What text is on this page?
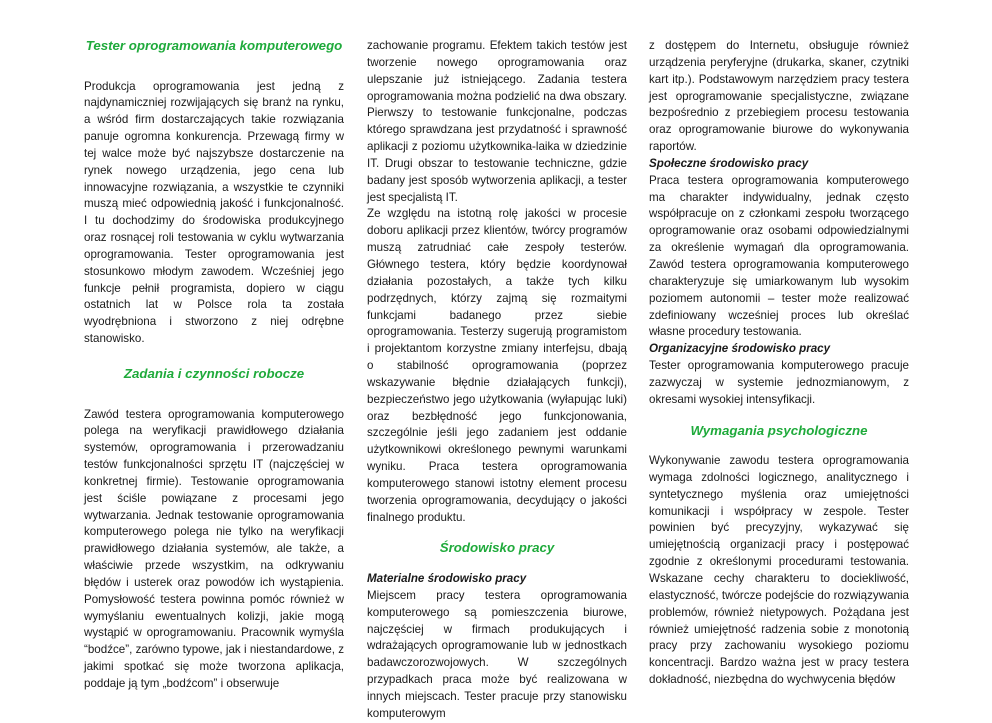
Tester oprogramowania komputerowego

Produkcja oprogramowania jest jedną z najdynamiczniej rozwijających się branż na rynku, a wśród firm dostarczających takie rozwiązania panuje ogromna konkurencja. Przewagą firmy w tej walce może być najszybsze dostarczenie na rynek nowego urządzenia, jego cena lub innowacyjne rozwiązania, a wszystkie te czynniki muszą mieć odpowiednią jakość i funkcjonalność. I tu dochodzimy do środowiska produkcyjnego oraz rosnącej roli testowania w cyklu wytwarzania oprogramowania. Tester oprogramowania jest stosunkowo młodym zawodem. Wcześniej jego funkcje pełnił programista, dopiero w ciągu ostatnich lat w Polsce rola ta została wyodrębniona i stworzono z niej odrębne stanowisko.

Zadania i czynności robocze

Zawód testera oprogramowania komputerowego polega na weryfikacji prawidłowego działania systemów, oprogramowania i przerowadzaniu testów funkcjonalności sprzętu IT (najczęściej w konkretnej firmie). Testowanie oprogramowania jest ściśle powiązane z procesami jego wytwarzania. Jednak testowanie oprogramowania komputerowego polega nie tylko na weryfikacji prawidłowego działania systemów, ale także, a właściwie przede wszystkim, na odkrywaniu błędów i usterek oraz powodów ich wystąpienia. Pomysłowość testera powinna pomóc również w wymyślaniu ewentualnych kolizji, jakie mogą wystąpić w oprogramowaniu. Pracownik wymyśla “bodźce”, zarówno typowe, jak i niestandardowe, z jakimi spotkać się może tworzona aplikacja, poddaje ją tym „bodźcom” i obserwuje

zachowanie programu. Efektem takich testów jest tworzenie nowego oprogramowania oraz ulepszanie już istniejącego. Zadania testera oprogramowania można podzielić na dwa obszary. Pierwszy to testowanie funkcjonalne, podczas którego sprawdzana jest przydatność i sprawność aplikacji z poziomu użytkownika-laika w dziedzinie IT. Drugi obszar to testowanie techniczne, gdzie badany jest sposób wytworzenia aplikacji, a tester jest specjalistą IT.

Ze względu na istotną rolę jakości w procesie doboru aplikacji przez klientów, twórcy programów muszą zatrudniać całe zespoły testerów. Głównego testera, który będzie koordynował działania pozostałych, a także tych kilku podrzędnych, którzy zajmą się rozmaitymi funkcjami badanego przez siebie oprogramowania. Testerzy sugerują programistom i projektantom korzystne zmiany interfejsu, dbają o stabilność oprogramowania (poprzez wskazywanie błędnie działających funkcji), bezpieczeństwo jego użytkowania (wyłapując luki) oraz bezbłędność jego funkcjonowania, szczególnie jeśli jego zadaniem jest oddanie użytkownikowi określonego pewnymi warunkami wyniku. Praca testera oprogramowania komputerowego stanowi istotny element procesu tworzenia oprogramowania, decydujący o jakości finalnego produktu.

Środowisko pracy
Materialne środowisko pracy

Miejscem pracy testera oprogramowania komputerowego są pomieszczenia biurowe, najczęściej w firmach produkujących i wdrażających oprogramowanie lub w jednostkach badawczorozwojowych. W szczególnych przypadkach praca może być realizowana w innych miejscach. Tester pracuje przy stanowisku komputerowym

z dostępem do Internetu, obsługuje również urządzenia peryferyjne (drukarka, skaner, czytniki kart itp.). Podstawowym narzędziem pracy testera jest oprogramowanie specjalistyczne, związane bezpośrednio z przebiegiem procesu testowania oraz oprogramowanie biurowe do wykonywania raportów.

Społeczne środowisko pracy

Praca testera oprogramowania komputerowego ma charakter indywidualny, jednak często współpracuje on z członkami zespołu tworzącego oprogramowanie oraz osobami odpowiedzialnymi za określenie wymagań dla oprogramowania. Zawód testera oprogramowania komputerowego charakteryzuje się umiarkowanym lub wysokim poziomem autonomii – tester może realizować zdefiniowany wcześniej proces lub określać własne procedury testowania.

Organizacyjne środowisko pracy

Tester oprogramowania komputerowego pracuje zazwyczaj w systemie jednozmianowym, z okresami wysokiej intensyfikacji.

Wymagania psychologiczne

Wykonywanie zawodu testera oprogramowania wymaga zdolności logicznego, analitycznego i syntetycznego myślenia oraz umiejętności komunikacji i współpracy w zespole. Tester powinien być precyzyjny, wykazywać się umiejętnością organizacji pracy i postępować zgodnie z określonymi procedurami testowania. Wskazane cechy charakteru to dociekliwość, elastyczność, twórcze podejście do rozwiązywania problemów, również nietypowych. Pożądana jest również umiejętność radzenia sobie z monotonią pracy przy zachowaniu wysokiego poziomu koncentracji. Bardzo ważna jest w pracy testera dokładność, niezbędna do wychwycenia błędów
